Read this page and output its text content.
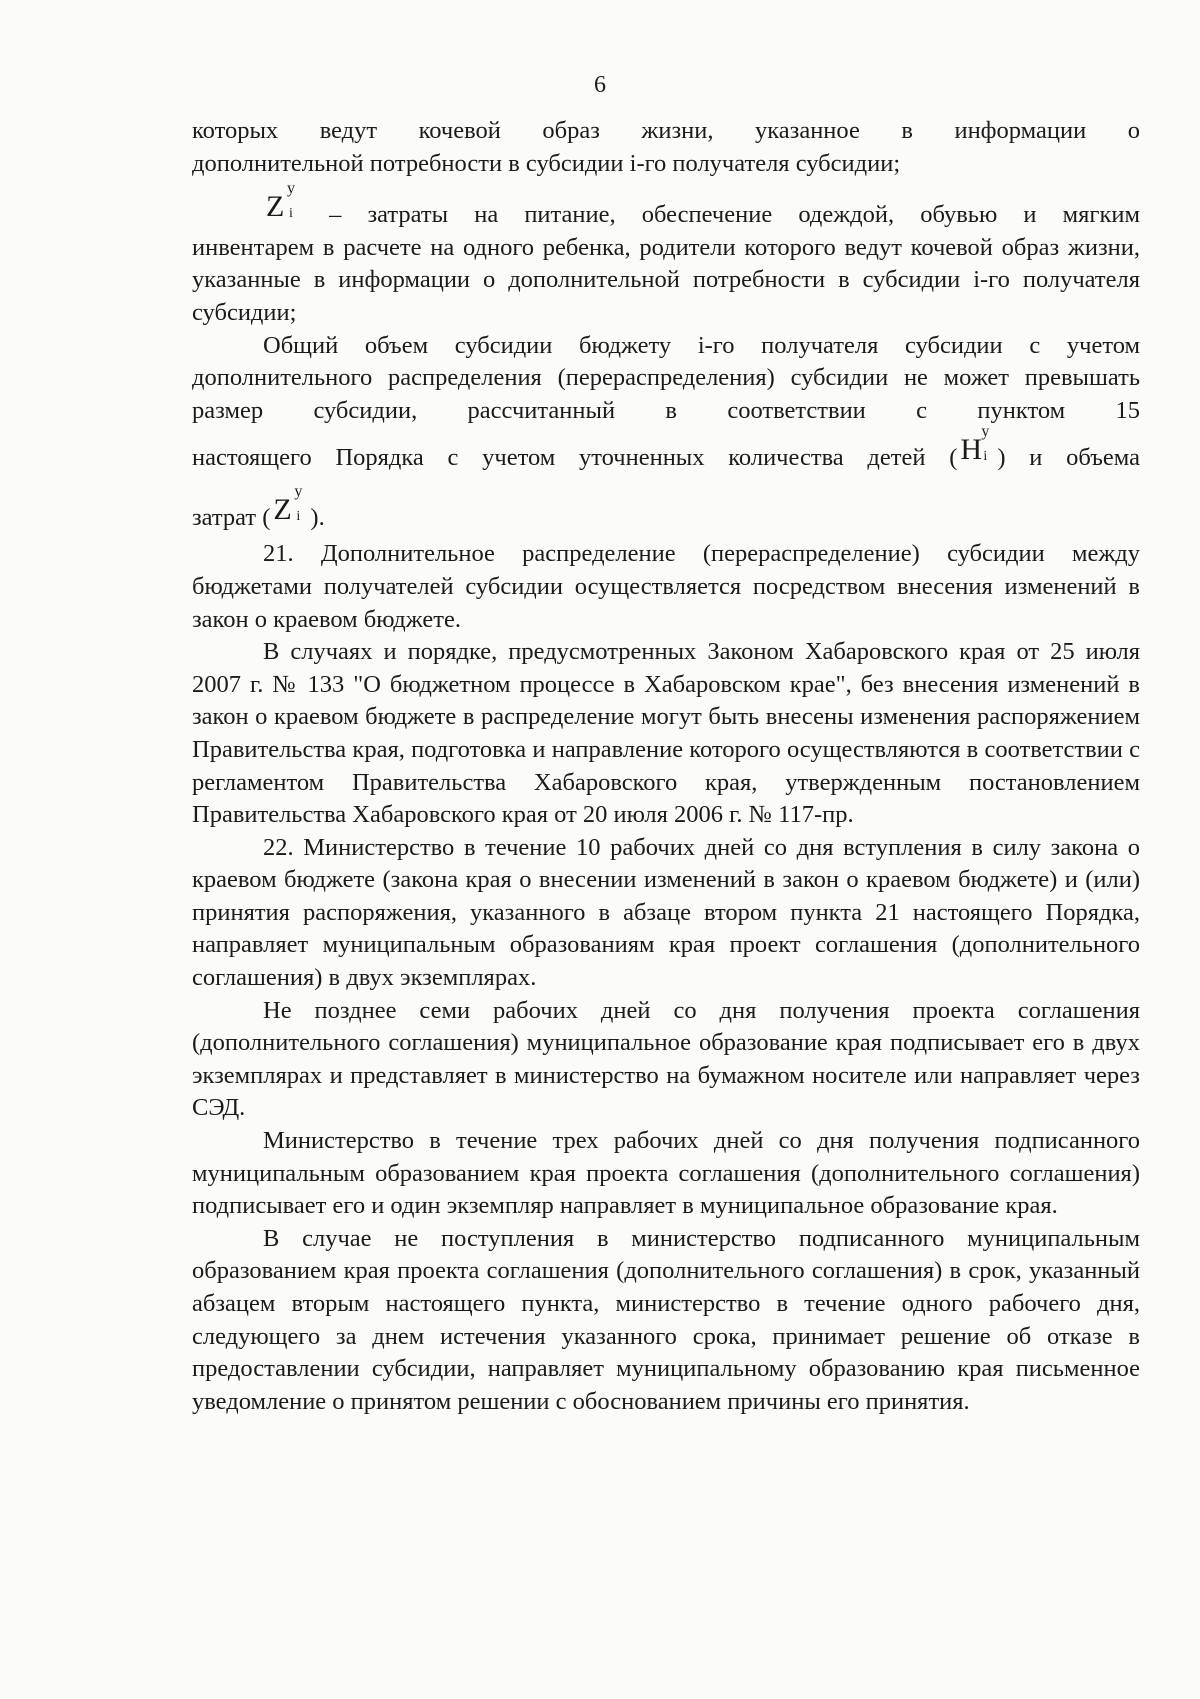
6

которых ведут кочевой образ жизни, указанное в информации о

дополнительной потребности в субсидии i-го получателя субсидии;

Z
у
i – затраты на питание, обеспечение одеждой, обувью и мягким

инвентарем в расчете на одного ребенка, родители которого ведут кочевой образ жизни, указанные в информации о дополнительной потребности в субсидии i-го получателя субсидии;

Общий объем субсидии бюджету i-го получателя субсидии с учетом дополнительного распределения (перераспределения) субсидии не может превышать размер субсидии, рассчитанный в соответствии с пунктом 15

настоящего Порядка с учетом уточненных количества детей ( H
у
i ) и объема

затрат ( Z
у
i ).

21. Дополнительное распределение (перераспределение) субсидии между бюджетами получателей субсидии осуществляется посредством внесения изменений в закон о краевом бюджете.

В случаях и порядке, предусмотренных Законом Хабаровского края от 25 июля 2007 г. № 133 "О бюджетном процессе в Хабаровском крае", без внесения изменений в закон о краевом бюджете в распределение могут быть внесены изменения распоряжением Правительства края, подготовка и направление которого осуществляются в соответствии с регламентом Правительства Хабаровского края, утвержденным постановлением Правительства Хабаровского края от 20 июля 2006 г. № 117-пр.

22. Министерство в течение 10 рабочих дней со дня вступления в силу закона о краевом бюджете (закона края о внесении изменений в закон о краевом бюджете) и (или) принятия распоряжения, указанного в абзаце втором пункта 21 настоящего Порядка, направляет муниципальным образованиям края проект соглашения (дополнительного соглашения) в двух экземплярах.

Не позднее семи рабочих дней со дня получения проекта соглашения (дополнительного соглашения) муниципальное образование края подписывает его в двух экземплярах и представляет в министерство на бумажном носителе или направляет через СЭД.

Министерство в течение трех рабочих дней со дня получения подписанного муниципальным образованием края проекта соглашения (дополнительного соглашения) подписывает его и один экземпляр направляет в муниципальное образование края.

В случае не поступления в министерство подписанного муниципальным образованием края проекта соглашения (дополнительного соглашения) в срок, указанный абзацем вторым настоящего пункта, министерство в течение одного рабочего дня, следующего за днем истечения указанного срока, принимает решение об отказе в предоставлении субсидии, направляет муниципальному образованию края письменное уведомление о принятом решении с обоснованием причины его принятия.
